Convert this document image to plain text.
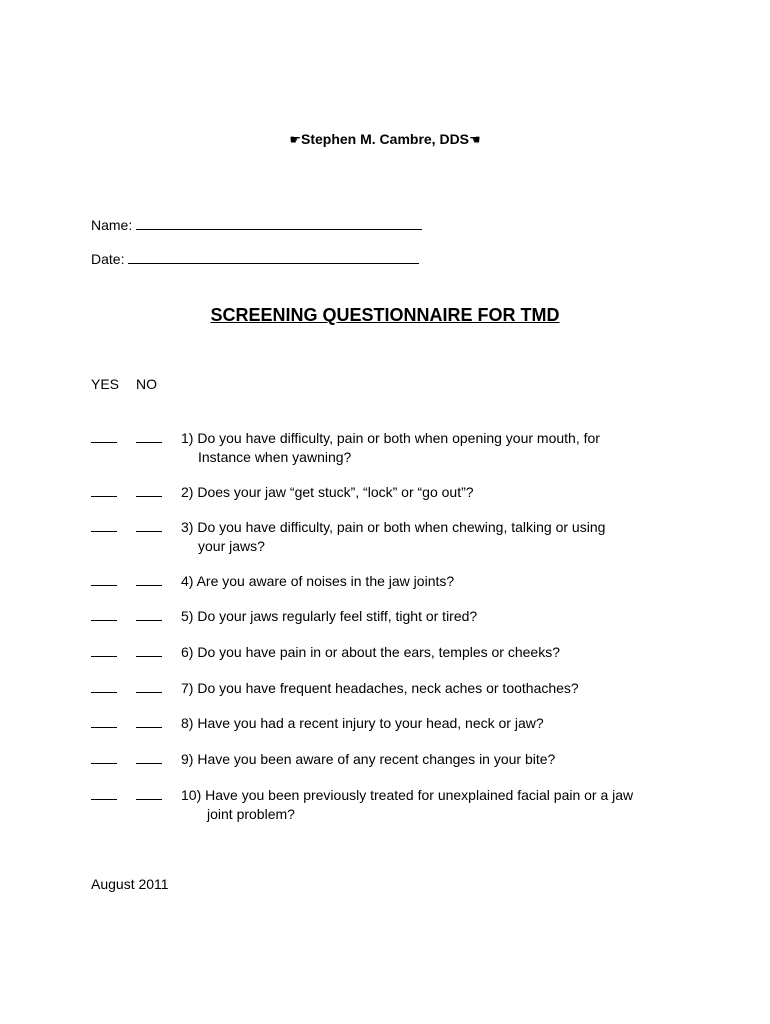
☛Stephen M. Cambre, DDS☛
Name:
Date:
SCREENING QUESTIONNAIRE FOR TMD
YES NO
1) Do you have difficulty, pain or both when opening your mouth, for
Instance when yawning?
2) Does your jaw “get stuck”, “lock” or “go out”?
3) Do you have difficulty, pain or both when chewing, talking or using
your jaws?
4) Are you aware of noises in the jaw joints?
5) Do your jaws regularly feel stiff, tight or tired?
6) Do you have pain in or about the ears, temples or cheeks?
7) Do you have frequent headaches, neck aches or toothaches?
8) Have you had a recent injury to your head, neck or jaw?
9) Have you been aware of any recent changes in your bite?
10) Have you been previously treated for unexplained facial pain or a jaw
joint problem?
August 2011
